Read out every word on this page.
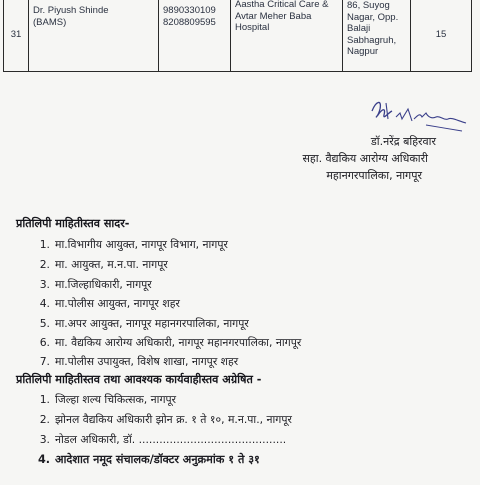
31	
Dr. Piyush Shinde
(BAMS)

9890330109
8208809595

Aastha Critical Care &
Avtar Meher Baba
Hospital

86, Suyog
Nagar, Opp.
Balaji
Sabhagruh,
Nagpur
	15
डॉ.नरेंद्र बहिरवार
सहा. वैद्यकिय आरोग्य अधिकारी
महानगरपालिका, नागपूर
प्रतिलिपी माहितीस्तव सादर-
1. मा.विभागीय आयुक्त, नागपूर विभाग, नागपूर
2. मा. आयुक्त, म.न.पा. नागपूर
3. मा.जिल्हाधिकारी, नागपूर
4. मा.पोलीस आयुक्त, नागपूर शहर
5. मा.अपर आयुक्त, नागपूर महानगरपालिका, नागपूर
6. मा. वैद्यकिय आरोग्य अधिकारी, नागपूर महानगरपालिका, नागपूर
7. मा.पोलीस उपायुक्त, विशेष शाखा, नागपूर शहर
प्रतिलिपी माहितीस्तव तथा आवश्यक कार्यवाहीस्तव अग्रेषित -
1. जिल्हा शल्य चिकित्सक, नागपूर
2. झोनल वैद्यकिय अधिकारी झोन क्र. १ ते १०, म.न.पा., नागपूर
3. नोडल अधिकारी, डॉ. ...........................................
4. आदेशात नमूद संचालक/डॉक्टर अनुक्रमांक १ ते ३१
